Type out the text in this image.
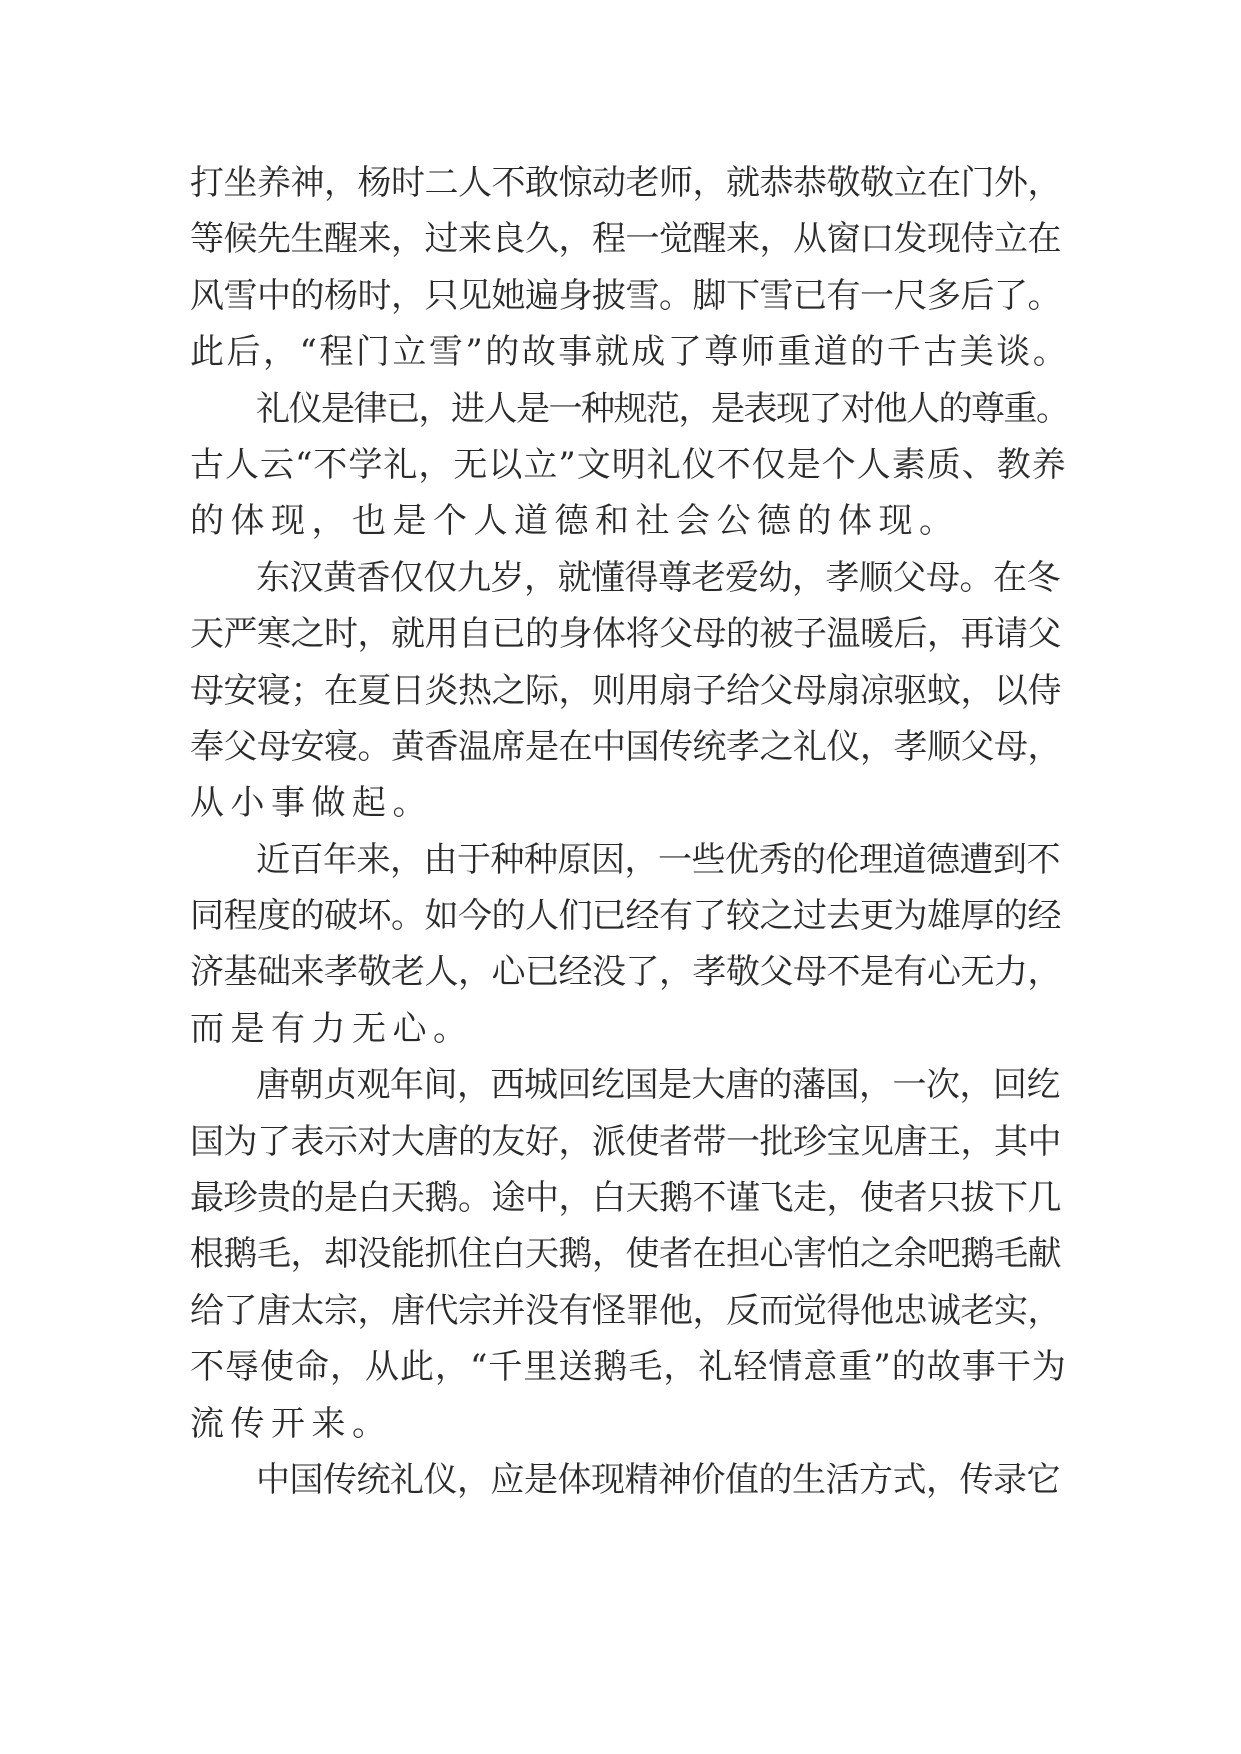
打坐养神，杨时二人不敢惊动老师，就恭恭敬敬立在门外，
等候先生醒来，过来良久，程一觉醒来，从窗口发现侍立在
风雪中的杨时，只见她遍身披雪。脚下雪已有一尺多后了。
此后，“程门立雪”的故事就成了尊师重道的千古美谈。
礼仪是律已，进人是一种规范，是表现了对他人的尊重。
古人云“不学礼，无以立”文明礼仪不仅是个人素质、教养
的体现，也是个人道德和社会公德的体现。
东汉黄香仅仅九岁，就懂得尊老爱幼，孝顺父母。在冬
天严寒之时，就用自已的身体将父母的被子温暖后，再请父
母安寝；在夏日炎热之际，则用扇子给父母扇凉驱蚊，以侍
奉父母安寝。黄香温席是在中国传统孝之礼仪，孝顺父母，
从小事做起。
近百年来，由于种种原因，一些优秀的伦理道德遭到不
同程度的破坏。如今的人们已经有了较之过去更为雄厚的经
济基础来孝敬老人，心已经没了，孝敬父母不是有心无力，
而是有力无心。
唐朝贞观年间，西城回纥国是大唐的藩国，一次，回纥
国为了表示对大唐的友好，派使者带一批珍宝见唐王，其中
最珍贵的是白天鹅。途中，白天鹅不谨飞走，使者只拔下几
根鹅毛，却没能抓住白天鹅，使者在担心害怕之余吧鹅毛献
给了唐太宗，唐代宗并没有怪罪他，反而觉得他忠诚老实，
不辱使命，从此，“千里送鹅毛，礼轻情意重”的故事干为
流传开来。
中国传统礼仪，应是体现精神价值的生活方式，传录它
